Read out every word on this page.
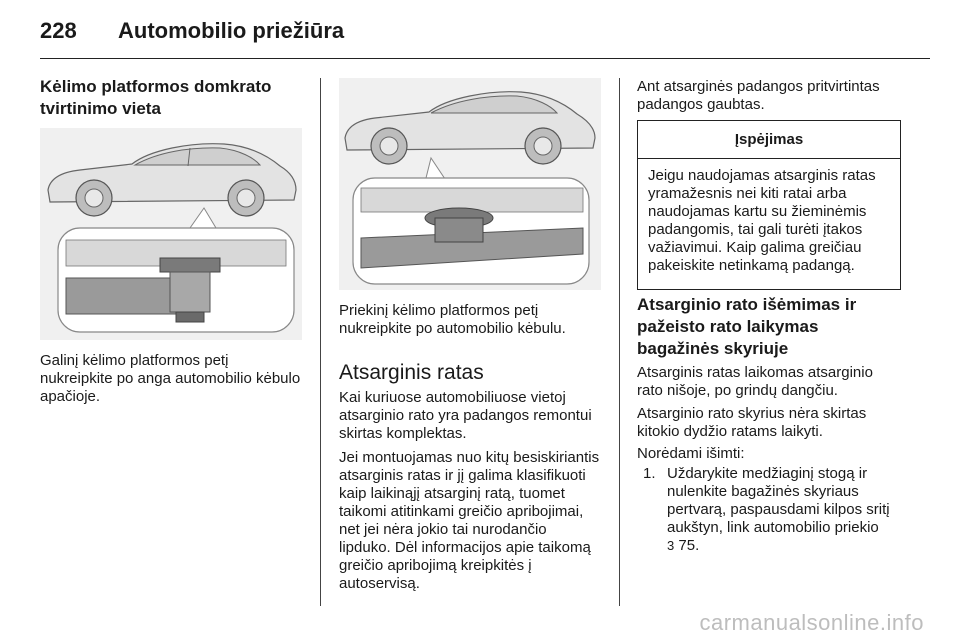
228 Automobilio priežiūra
Kėlimo platformos domkrato tvirtinimo vieta

Galinį kėlimo platformos petį nukreipkite po anga automobilio kėbulo apačioje.

Priekinį kėlimo platformos petį nukreipkite po automobilio kėbulu.

Atsarginis ratas

Kai kuriuose automobiliuose vietoj atsarginio rato yra padangos remontui skirtas komplektas.

Jei montuojamas nuo kitų besiskiriantis atsarginis ratas ir jį galima klasifikuoti kaip laikinąjį atsarginį ratą, tuomet taikomi atitinkami greičio apribojimai, net jei nėra jokio tai nurodančio lipduko. Dėl informacijos apie taikomą greičio apribojimą kreipkitės į autoservisą.

Ant atsarginės padangos pritvirtintas padangos gaubtas.

Įspėjimas
Jeigu naudojamas atsarginis ratas yramažesnis nei kiti ratai arba naudojamas kartu su žieminėmis padangomis, tai gali turėti įtakos važiavimui. Kaip galima greičiau pakeiskite netinkamą padangą.
Atsarginio rato išėmimas ir pažeisto rato laikymas bagažinės skyriuje

Atsarginis ratas laikomas atsarginio rato nišoje, po grindų dangčiu.

Atsarginio rato skyrius nėra skirtas kitokio dydžio ratams laikyti.

Norėdami išimti:

1. Uždarykite medžiaginį stogą ir nulenkite bagažinės skyriaus pertvarą, paspausdami kilpos sritį aukštyn, link automobilio priekio
3 75.
carmanualsonline.info
